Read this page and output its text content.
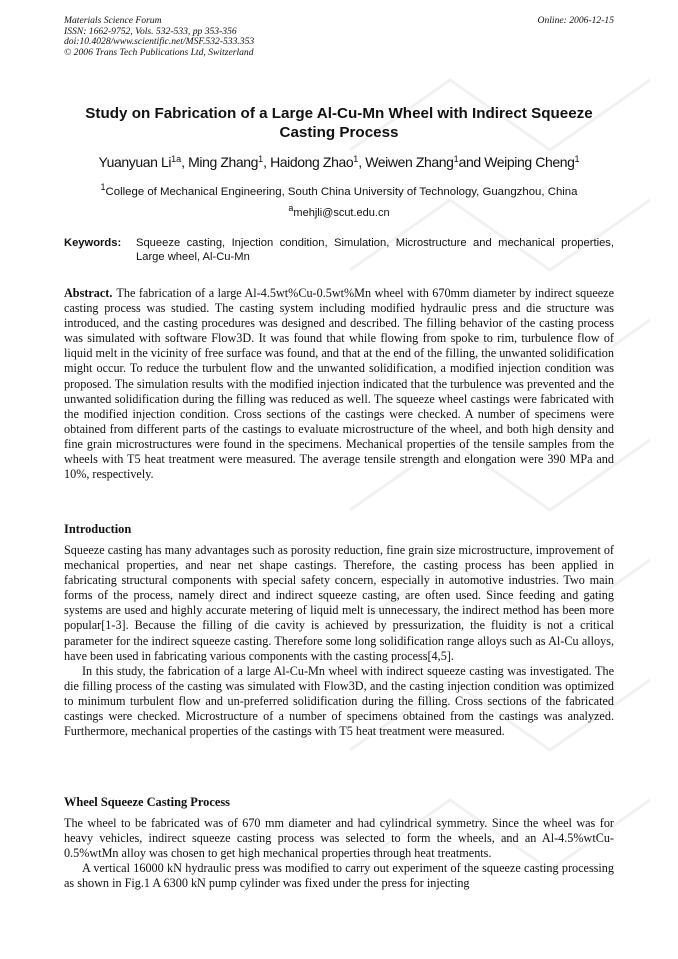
Materials Science Forum
ISSN: 1662-9752, Vols. 532-533, pp 353-356
doi:10.4028/www.scientific.net/MSF.532-533.353
© 2006 Trans Tech Publications Ltd, Switzerland
Online: 2006-12-15
Study on Fabrication of a Large Al-Cu-Mn Wheel with Indirect Squeeze Casting Process
Yuanyuan $Li^{1a}$, Ming Zhang$^1$, Haidong Zhao$^1$, Weiwen Zhang$^1$and Weiping Cheng$^1$
$^1$College of Mechanical Engineering, South China University of Technology, Guangzhou, China
$^a$mehjli@scut.edu.cn
Keywords: Squeeze casting, Injection condition, Simulation, Microstructure and mechanical properties, Large wheel, Al-Cu-Mn

Abstract. The fabrication of a large Al-4.5wt%Cu-0.5wt%Mn wheel with 670mm diameter by indirect squeeze casting process was studied. The casting system including modified hydraulic press and die structure was introduced, and the casting procedures was designed and described. The filling behavior of the casting process was simulated with software Flow3D. It was found that while flowing from spoke to rim, turbulence flow of liquid melt in the vicinity of free surface was found, and that at the end of the filling, the unwanted solidification might occur. To reduce the turbulent flow and the unwanted solidification, a modified injection condition was proposed. The simulation results with the modified injection indicated that the turbulence was prevented and the unwanted solidification during the filling was reduced as well. The squeeze wheel castings were fabricated with the modified injection condition. Cross sections of the castings were checked. A number of specimens were obtained from different parts of the castings to evaluate microstructure of the wheel, and both high density and fine grain microstructures were found in the specimens. Mechanical properties of the tensile samples from the wheels with T5 heat treatment were measured. The average tensile strength and elongation were 390 MPa and 10%, respectively.

Introduction

Squeeze casting has many advantages such as porosity reduction, fine grain size microstructure, improvement of mechanical properties, and near net shape castings. Therefore, the casting process has been applied in fabricating structural components with special safety concern, especially in automotive industries. Two main forms of the process, namely direct and indirect squeeze casting, are often used. Since feeding and gating systems are used and highly accurate metering of liquid melt is unnecessary, the indirect method has been more popular[1-3]. Because the filling of die cavity is achieved by pressurization, the fluidity is not a critical parameter for the indirect squeeze casting. Therefore some long solidification range alloys such as Al-Cu alloys, have been used in fabricating various components with the casting process[4,5].

In this study, the fabrication of a large Al-Cu-Mn wheel with indirect squeeze casting was investigated. The die filling process of the casting was simulated with Flow3D, and the casting injection condition was optimized to minimum turbulent flow and un-preferred solidification during the filling. Cross sections of the fabricated castings were checked. Microstructure of a number of specimens obtained from the castings was analyzed. Furthermore, mechanical properties of the castings with T5 heat treatment were measured.

Wheel Squeeze Casting Process

The wheel to be fabricated was of 670 mm diameter and had cylindrical symmetry. Since the wheel was for heavy vehicles, indirect squeeze casting process was selected to form the wheels, and an Al-4.5%wtCu-0.5%wtMn alloy was chosen to get high mechanical properties through heat treatments.

A vertical 16000 kN hydraulic press was modified to carry out experiment of the squeeze casting processing as shown in Fig.1 A 6300 kN pump cylinder was fixed under the press for injecting
